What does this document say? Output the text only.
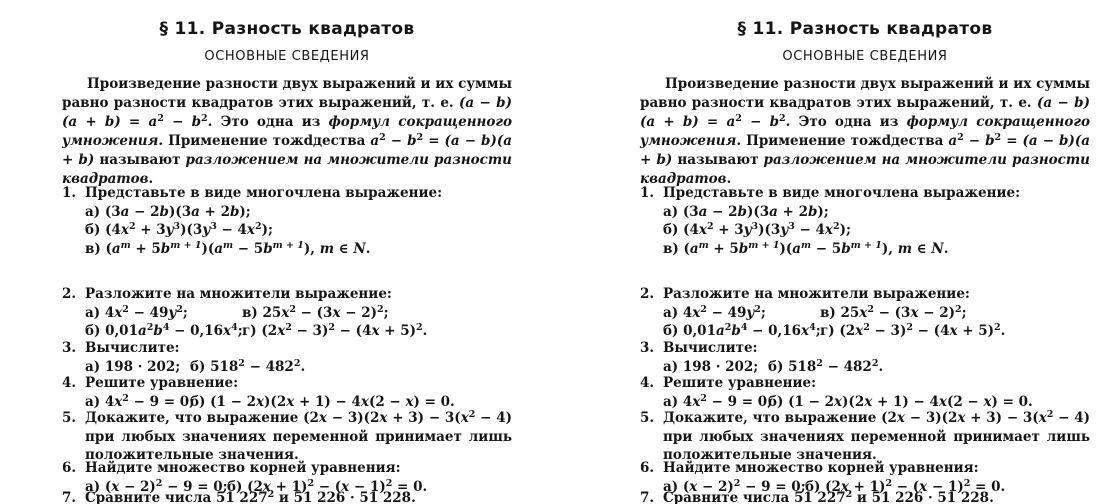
§ 11. Разность квадратов
ОСНОВНЫЕ СВЕДЕНИЯ

Произведение разности двух выражений и их суммы равно разности квадратов этих выражений, т. е. $(a - b)(a + b) = a^2 - b^2$. Это одна из формул сокращенного умножения. Применение тожdдества $a^2 - b^2 = (a - b)(a + b)$ называют разложением на множители разности квадратов.

1. Представьте в виде многочлена выражение:
а) (3a − 2b)(3a + 2b);
б) $(4x^2 + 3y^3)(3y^3 - 4x^2)$;
в) $(a^m + 5b^{m + 1})(a^m - 5b^{m + 1})$, m ∈ N.
2. Разложите на множители выражение:
а) $4x^2 - 49y^2$;	в) $25x^2 - (3x - 2)^2$;
б) $0,01a^2b^4 - 0,16x^4$; г) $(2x^2 - 3)^2 - (4x + 5)^2$.
3. Вычислите:
а) 198 · 202; б) $518^2 - 482^2$.
4. Решите уравнение:
а) $4x^2 - 9 = 0$;
б) (1 − 2x)(2x + 1) − 4x(2 − x) = 0.
5. Докажите, что выражение $(2x - 3)(2x + 3) - 3(x^2 - 4)$ при любых значениях переменной принимает лишь положительные значения.
6. Найдите множество корней уравнения:
а) $(x - 2)^2 - 9 = 0$; б) $(2x + 1)^2 - (x - 1)^2 = 0$.
7. Сравните числа 51 $227^2$ и 51 226 · 51 228.
§ 11. Разность квадратов
ОСНОВНЫЕ СВЕДЕНИЯ

Произведение разности двух выражений и их суммы равно разности квадратов этих выражений, т. е. $(a - b)(a + b) = a^2 - b^2$. Это одна из формул сокращенного умножения. Применение тожdдества $a^2 - b^2 = (a - b)(a + b)$ называют разложением на множители разности квадратов.

1. Представьте в виде многочлена выражение:
а) (3a − 2b)(3a + 2b);
б) $(4x^2 + 3y^3)(3y^3 - 4x^2)$;
в) $(a^m + 5b^{m + 1})(a^m - 5b^{m + 1})$, m ∈ N.
2. Разложите на множители выражение:
а) $4x^2 - 49y^2$;	в) $25x^2 - (3x - 2)^2$;
б) $0,01a^2b^4 - 0,16x^4$; г) $(2x^2 - 3)^2 - (4x + 5)^2$.
3. Вычислите:
а) 198 · 202; б) $518^2 - 482^2$.
4. Решите уравнение:
а) $4x^2 - 9 = 0$;
б) (1 − 2x)(2x + 1) − 4x(2 − x) = 0.
5. Докажите, что выражение $(2x - 3)(2x + 3) - 3(x^2 - 4)$ при любых значениях переменной принимает лишь положительные значения.
6. Найдите множество корней уравнения:
а) $(x - 2)^2 - 9 = 0$; б) $(2x + 1)^2 - (x - 1)^2 = 0$.
7. Сравните числа 51 $227^2$ и 51 226 · 51 228.
